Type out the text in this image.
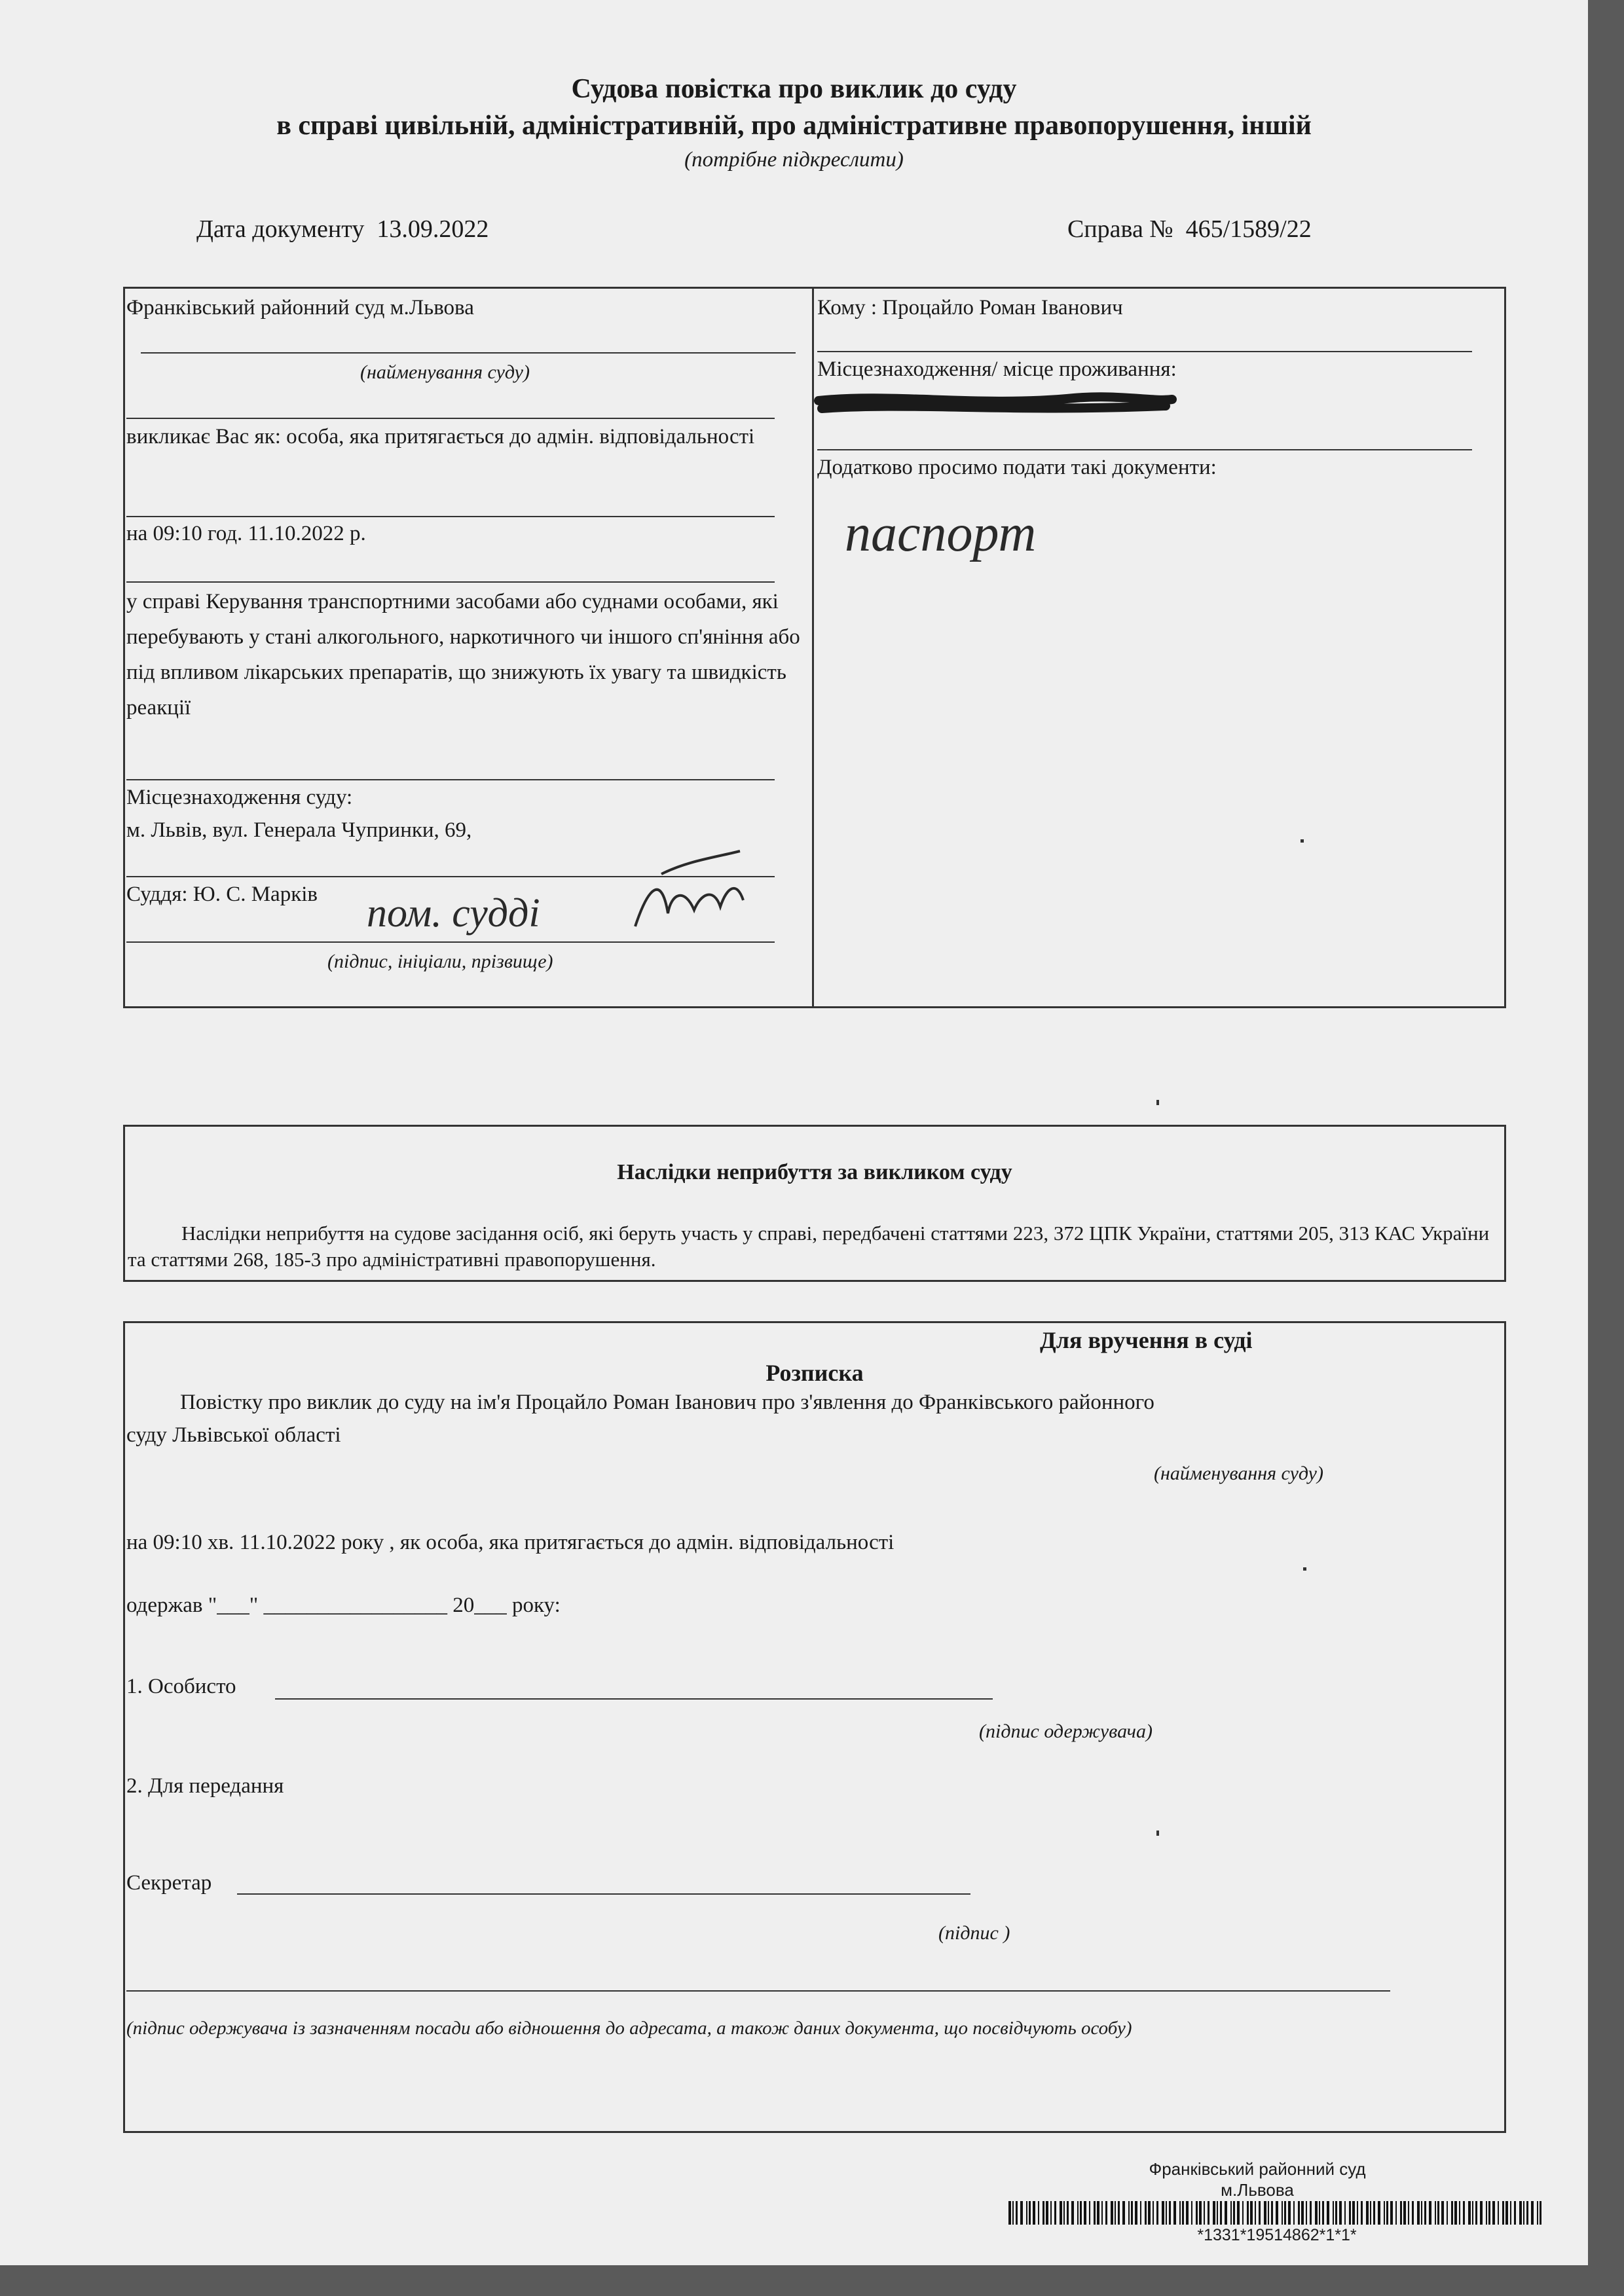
Судова повістка про виклик до суду
в справі цивільній, адміністративній, про адміністративне правопорушення, іншій
(потрібне підкреслити)
Дата документу 13.09.2022	Справа № 465/1589/22
Франківський районний суд м.Львова
(найменування суду)
викликає Вас як: особа, яка притягається до адмін. відповідальності
на 09:10 год. 11.10.2022 р.
у справі Керування транспортними засобами або суднами особами, які перебувають у стані алкогольного, наркотичного чи іншого сп'яніння або під впливом лікарських препаратів, що знижують їх увагу та швидкість реакції
Місцезнаходження суду:
м. Львів, вул. Генерала Чупринки, 69,
Суддя: Ю. С. Марків пом. судді
(підпис, ініціали, прізвище)
Кому : Процайло Роман Іванович
Місцезнаходження/ місце проживання:
Додатково просимо подати такі документи:
паспорт
Наслідки неприбуття за викликом суду
Наслідки неприбуття на судове засідання осіб, які беруть участь у справі, передбачені статтями 223, 372 ЦПК України, статтями 205, 313 КАС України та статтями 268, 185-3 про адміністративні правопорушення.
Для вручення в суді
Розписка
Повістку про виклик до суду на ім'я Процайло Роман Іванович про з'явлення до Франківського районного
суду Львівської області
(найменування суду)
на 09:10 хв. 11.10.2022 року , як особа, яка притягається до адмін. відповідальності
одержав "___" _________________ 20___ року:
1. Особисто
(підпис одержувача)
2. Для передання
Секретар
(підпис )
(підпис одержувача із зазначенням посади або відношення до адресата, а також даних документа, що посвідчують особу)
Франківський районний суд
м.Львова
*1331*19514862*1*1*
